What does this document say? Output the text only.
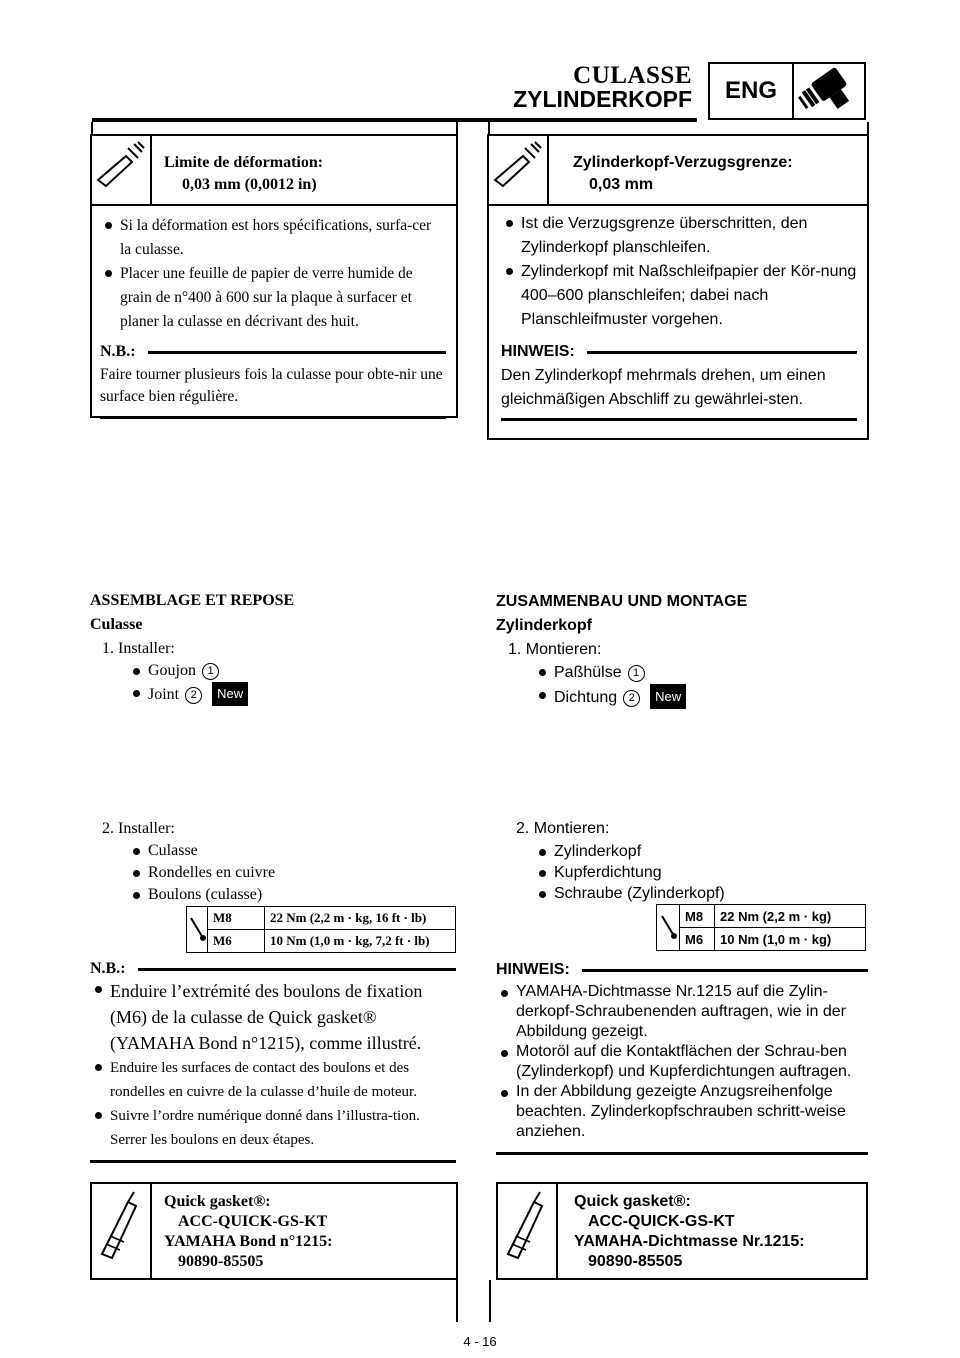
CULASSE
ZYLINDERKOPF	ENG
Limite de déformation:
0,03 mm (0,0012 in)
Si la déformation est hors spécifications, surfa-cer la culasse.
Placer une feuille de papier de verre humide de grain de n°400 à 600 sur la plaque à surfacer et planer la culasse en décrivant des huit.
N.B.:
Faire tourner plusieurs fois la culasse pour obte-nir une surface bien régulière.
Zylinderkopf-Verzugsgrenze:
0,03 mm
Ist die Verzugsgrenze überschritten, den Zylinderkopf planschleifen.
Zylinderkopf mit Naßschleifpapier der Kör-nung 400–600 planschleifen; dabei nach Planschleifmuster vorgehen.
HINWEIS:
Den Zylinderkopf mehrmals drehen, um einen gleichmäßigen Abschliff zu gewährlei-sten.
ASSEMBLAGE ET REPOSE
Culasse
1. Installer:
Goujon 1
Joint 2 New
2. Installer:
Culasse
Rondelles en cuivre
Boulons (culasse)
	M8	22 Nm (2,2 m · kg, 16 ft · lb)
	M6	10 Nm (1,0 m · kg, 7,2 ft · lb)
N.B.:
Enduire l’extrémité des boulons de fixation (M6) de la culasse de Quick gasket® (YAMAHA Bond n°1215), comme illustré.
Enduire les surfaces de contact des boulons et des rondelles en cuivre de la culasse d’huile de moteur.
Suivre l’ordre numérique donné dans l’illustra-tion. Serrer les boulons en deux étapes.
Quick gasket®:
ACC-QUICK-GS-KT
YAMAHA Bond n°1215:
90890-85505
ZUSAMMENBAU UND MONTAGE
Zylinderkopf
1. Montieren:
Paßhülse 1
Dichtung 2 New
2. Montieren:
Zylinderkopf
Kupferdichtung
Schraube (Zylinderkopf)
	M8	22 Nm (2,2 m · kg)
	M6	10 Nm (1,0 m · kg)
HINWEIS:
YAMAHA-Dichtmasse Nr.1215 auf die Zylin-derkopf-Schraubenenden auftragen, wie in der Abbildung gezeigt.
Motoröl auf die Kontaktflächen der Schrau-ben (Zylinderkopf) und Kupferdichtungen auftragen.
In der Abbildung gezeigte Anzugsreihenfolge beachten. Zylinderkopfschrauben schritt-weise anziehen.
Quick gasket®:
ACC-QUICK-GS-KT
YAMAHA-Dichtmasse Nr.1215:
90890-85505
4 - 16
